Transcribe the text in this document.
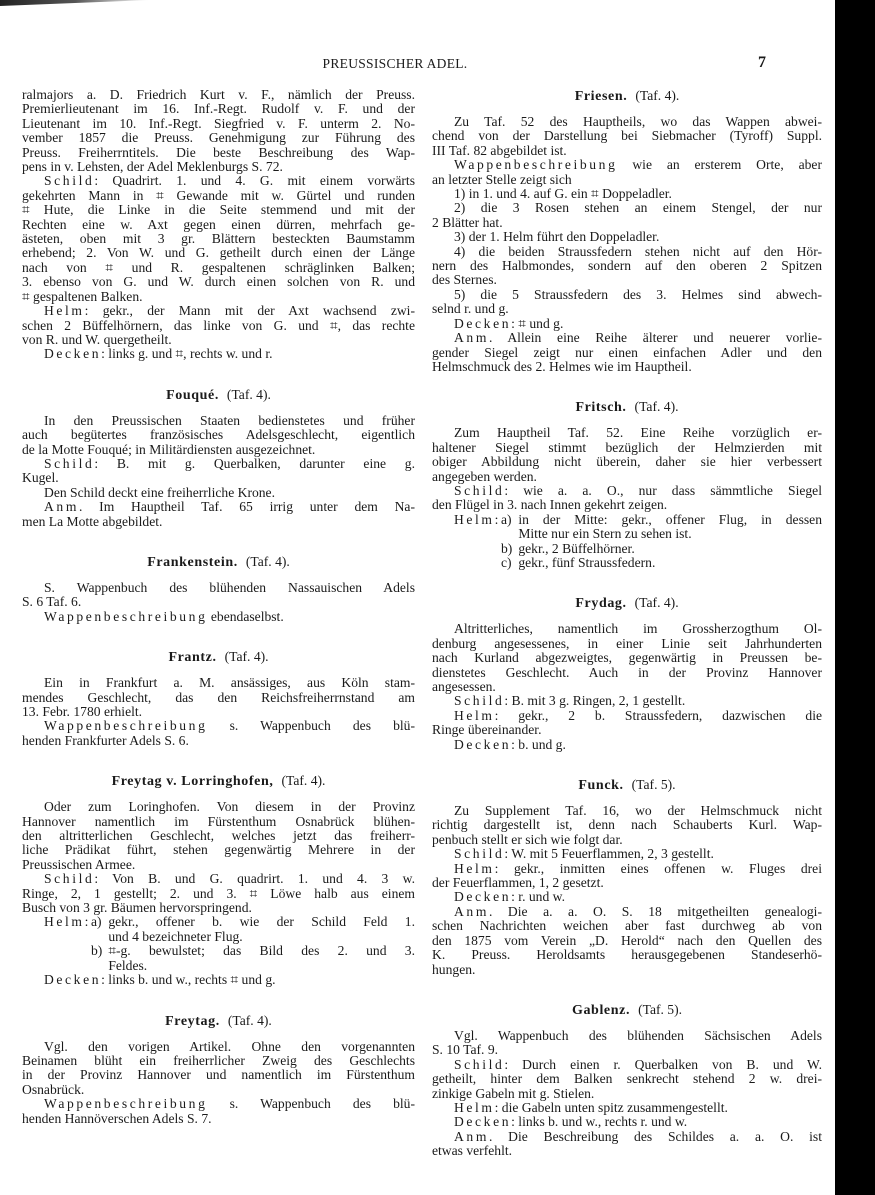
PREUSSISCHER ADEL.	7
ralmajors a. D. Friedrich Kurt v. F., nämlich der Preuss.
Premierlieutenant im 16. Inf.-Regt. Rudolf v. F. und der
Lieutenant im 10. Inf.-Regt. Siegfried v. F. unterm 2. No-
vember 1857 die Preuss. Genehmigung zur Führung des
Preuss. Freiherrntitels. Die beste Beschreibung des Wap-
pens in v. Lehsten, der Adel Meklenburgs S. 72.
Schild: Quadrirt. 1. und 4. G. mit einem vorwärts
gekehrten Mann in ⌗ Gewande mit w. Gürtel und runden
⌗ Hute, die Linke in die Seite stemmend und mit der
Rechten eine w. Axt gegen einen dürren, mehrfach ge-
ästeten, oben mit 3 gr. Blättern besteckten Baumstamm
erhebend; 2. Von W. und G. getheilt durch einen der Länge
nach von ⌗ und R. gespaltenen schräglinken Balken;
3. ebenso von G. und W. durch einen solchen von R. und
⌗ gespaltenen Balken.
Helm: gekr., der Mann mit der Axt wachsend zwi-
schen 2 Büffelhörnern, das linke von G. und ⌗, das rechte
von R. und W. quergetheilt.
Decken: links g. und ⌗, rechts w. und r.
Fouqué. (Taf. 4).
In den Preussischen Staaten bedienstetes und früher
auch begütertes französisches Adelsgeschlecht, eigentlich
de la Motte Fouqué; in Militärdiensten ausgezeichnet.
Schild: B. mit g. Querbalken, darunter eine g.
Kugel.
Den Schild deckt eine freiherrliche Krone.
Anm. Im Hauptheil Taf. 65 irrig unter dem Na-
men La Motte abgebildet.
Frankenstein. (Taf. 4).
S. Wappenbuch des blühenden Nassauischen Adels
S. 6 Taf. 6.
Wappenbeschreibung ebendaselbst.
Frantz. (Taf. 4).
Ein in Frankfurt a. M. ansässiges, aus Köln stam-
mendes Geschlecht, das den Reichsfreiherrnstand am
13. Febr. 1780 erhielt.
Wappenbeschreibung s. Wappenbuch des blü-
henden Frankfurter Adels S. 6.
Freytag v. Lorringhofen, (Taf. 4).
Oder zum Loringhofen. Von diesem in der Provinz
Hannover namentlich im Fürstenthum Osnabrück blühen-
den altritterlichen Geschlecht, welches jetzt das freiherr-
liche Prädikat führt, stehen gegenwärtig Mehrere in der
Preussischen Armee.
Schild: Von B. und G. quadrirt. 1. und 4. 3 w.
Ringe, 2, 1 gestellt; 2. und 3. ⌗ Löwe halb aus einem
Busch von 3 gr. Bäumen hervorspringend.
Helm: a) gekr., offener b. wie der Schild Feld 1.
und 4 bezeichneter Flug.
b) ⌗-g. bewulstet; das Bild des 2. und 3.
Feldes.
Decken: links b. und w., rechts ⌗ und g.
Freytag. (Taf. 4).
Vgl. den vorigen Artikel. Ohne den vorgenannten
Beinamen blüht ein freiherrlicher Zweig des Geschlechts
in der Provinz Hannover und namentlich im Fürstenthum
Osnabrück.
Wappenbeschreibung s. Wappenbuch des blü-
henden Hannöverschen Adels S. 7.
Friesen. (Taf. 4).
Zu Taf. 52 des Hauptheils, wo das Wappen abwei-
chend von der Darstellung bei Siebmacher (Tyroff) Suppl.
III Taf. 82 abgebildet ist.
Wappenbeschreibung wie an ersterem Orte, aber
an letzter Stelle zeigt sich
1) in 1. und 4. auf G. ein ⌗ Doppeladler.
2) die 3 Rosen stehen an einem Stengel, der nur
2 Blätter hat.
3) der 1. Helm führt den Doppeladler.
4) die beiden Straussfedern stehen nicht auf den Hör-
nern des Halbmondes, sondern auf den oberen 2 Spitzen
des Sternes.
5) die 5 Straussfedern des 3. Helmes sind abwech-
selnd r. und g.
Decken: ⌗ und g.
Anm. Allein eine Reihe älterer und neuerer vorlie-
gender Siegel zeigt nur einen einfachen Adler und den
Helmschmuck des 2. Helmes wie im Hauptheil.
Fritsch. (Taf. 4).
Zum Hauptheil Taf. 52. Eine Reihe vorzüglich er-
haltener Siegel stimmt bezüglich der Helmzierden mit
obiger Abbildung nicht überein, daher sie hier verbessert
angegeben werden.
Schild: wie a. a. O., nur dass sämmtliche Siegel
den Flügel in 3. nach Innen gekehrt zeigen.
Helm: a) in der Mitte: gekr., offener Flug, in dessen
Mitte nur ein Stern zu sehen ist.
b) gekr., 2 Büffelhörner.
c) gekr., fünf Straussfedern.
Frydag. (Taf. 4).
Altritterliches, namentlich im Grossherzogthum Ol-
denburg angesessenes, in einer Linie seit Jahrhunderten
nach Kurland abgezweigtes, gegenwärtig in Preussen be-
dienstetes Geschlecht. Auch in der Provinz Hannover
angesessen.
Schild: B. mit 3 g. Ringen, 2, 1 gestellt.
Helm: gekr., 2 b. Straussfedern, dazwischen die
Ringe übereinander.
Decken: b. und g.
Funck. (Taf. 5).
Zu Supplement Taf. 16, wo der Helmschmuck nicht
richtig dargestellt ist, denn nach Schauberts Kurl. Wap-
penbuch stellt er sich wie folgt dar.
Schild: W. mit 5 Feuerflammen, 2, 3 gestellt.
Helm: gekr., inmitten eines offenen w. Fluges drei
der Feuerflammen, 1, 2 gesetzt.
Decken: r. und w.
Anm. Die a. a. O. S. 18 mitgetheilten genealogi-
schen Nachrichten weichen aber fast durchweg ab von
den 1875 vom Verein „D. Herold“ nach den Quellen des
K. Preuss. Heroldsamts herausgegebenen Standeserhö-
hungen.
Gablenz. (Taf. 5).
Vgl. Wappenbuch des blühenden Sächsischen Adels
S. 10 Taf. 9.
Schild: Durch einen r. Querbalken von B. und W.
getheilt, hinter dem Balken senkrecht stehend 2 w. drei-
zinkige Gabeln mit g. Stielen.
Helm: die Gabeln unten spitz zusammengestellt.
Decken: links b. und w., rechts r. und w.
Anm. Die Beschreibung des Schildes a. a. O. ist
etwas verfehlt.
